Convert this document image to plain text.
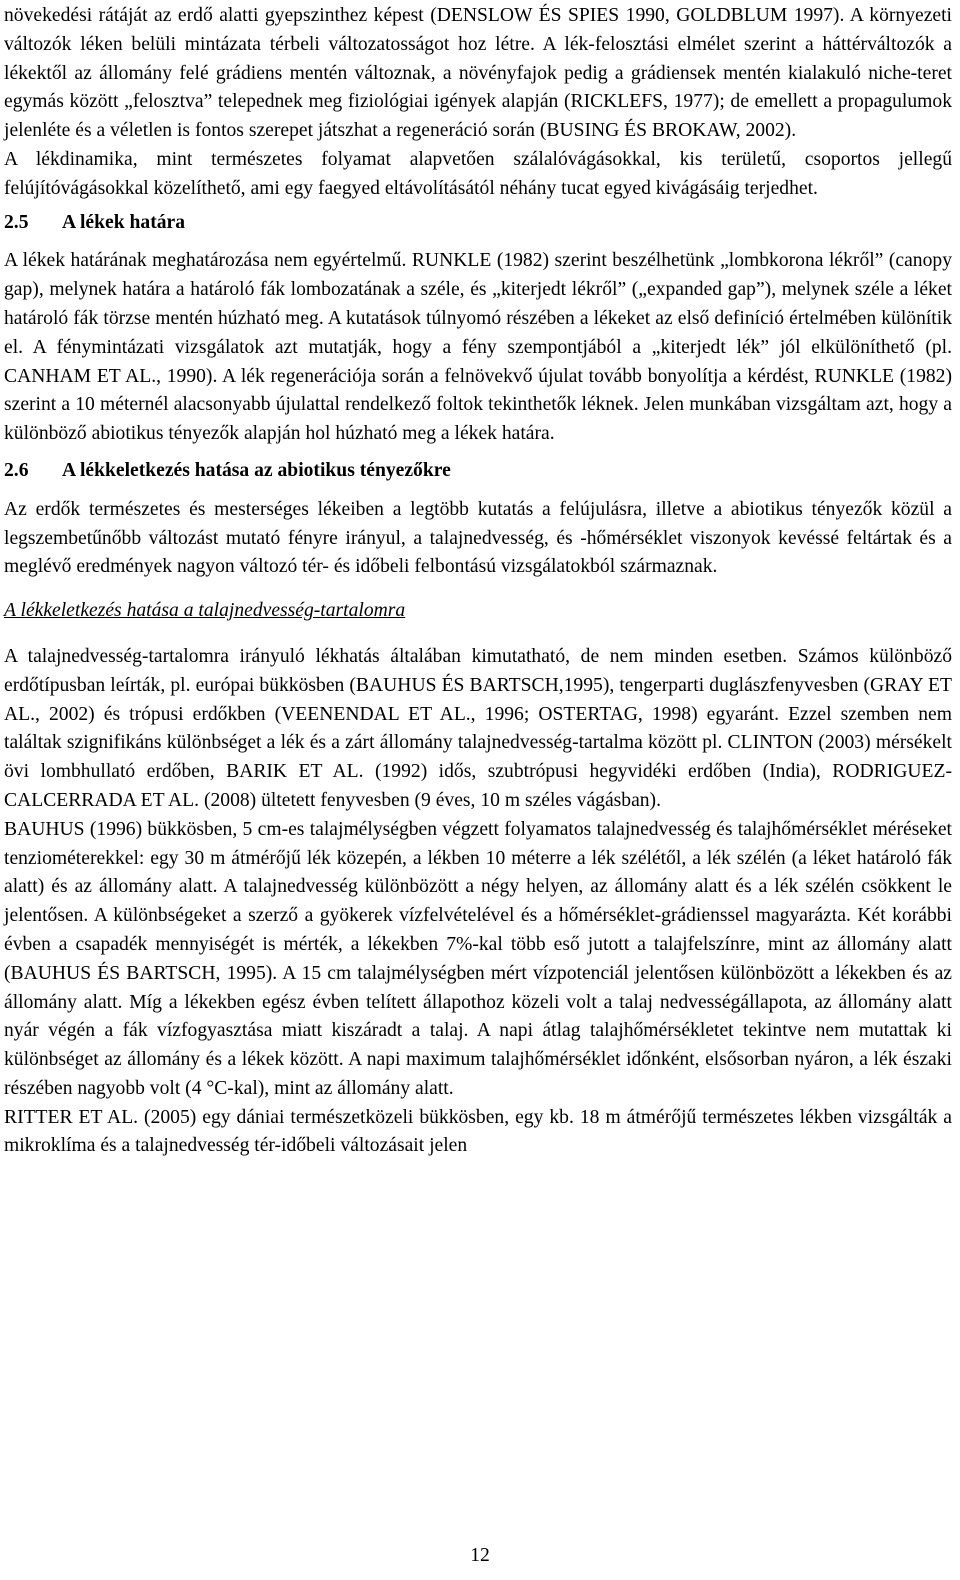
növekedési rátáját az erdő alatti gyepszinthez képest (DENSLOW ÉS SPIES 1990, GOLDBLUM 1997). A környezeti változók léken belüli mintázata térbeli változatosságot hoz létre. A lék-felosztási elmélet szerint a háttérváltozók a lékektől az állomány felé grádiens mentén változnak, a növényfajok pedig a grádiensek mentén kialakuló niche-teret egymás között „felosztva” telepednek meg fiziológiai igények alapján (RICKLEFS, 1977); de emellett a propagulumok jelenléte és a véletlen is fontos szerepet játszhat a regeneráció során (BUSING ÉS BROKAW, 2002).

A lékdinamika, mint természetes folyamat alapvetően szálalóvágásokkal, kis területű, csoportos jellegű felújítóvágásokkal közelíthető, ami egy faegyed eltávolításától néhány tucat egyed kivágásáig terjedhet.

2.5 A lékek határa

A lékek határának meghatározása nem egyértelmű. RUNKLE (1982) szerint beszélhetünk „lombkorona lékről” (canopy gap), melynek határa a határoló fák lombozatának a széle, és „kiterjedt lékről” („expanded gap”), melynek széle a léket határoló fák törzse mentén húzható meg. A kutatások túlnyomó részében a lékeket az első definíció értelmében különítik el. A fénymintázati vizsgálatok azt mutatják, hogy a fény szempontjából a „kiterjedt lék” jól elkülöníthető (pl. CANHAM ET AL., 1990). A lék regenerációja során a felnövekvő újulat tovább bonyolítja a kérdést, RUNKLE (1982) szerint a 10 méternél alacsonyabb újulattal rendelkező foltok tekinthetők léknek. Jelen munkában vizsgáltam azt, hogy a különböző abiotikus tényezők alapján hol húzható meg a lékek határa.

2.6 A lékkeletkezés hatása az abiotikus tényezőkre

Az erdők természetes és mesterséges lékeiben a legtöbb kutatás a felújulásra, illetve a abiotikus tényezők közül a legszembetűnőbb változást mutató fényre irányul, a talajnedvesség, és -hőmérséklet viszonyok kevéssé feltártak és a meglévő eredmények nagyon változó tér- és időbeli felbontású vizsgálatokból származnak.

A lékkeletkezés hatása a talajnedvesség-tartalomra

A talajnedvesség-tartalomra irányuló lékhatás általában kimutatható, de nem minden esetben. Számos különböző erdőtípusban leírták, pl. európai bükkösben (BAUHUS ÉS BARTSCH,1995), tengerparti duglászfenyvesben (GRAY ET AL., 2002) és trópusi erdőkben (VEENENDAL ET AL., 1996; OSTERTAG, 1998) egyaránt. Ezzel szemben nem találtak szignifikáns különbséget a lék és a zárt állomány talajnedvesség-tartalma között pl. CLINTON (2003) mérsékelt övi lombhullató erdőben, BARIK ET AL. (1992) idős, szubtrópusi hegyvidéki erdőben (India), RODRIGUEZ-CALCERRADA ET AL. (2008) ültetett fenyvesben (9 éves, 10 m széles vágásban).

BAUHUS (1996) bükkösben, 5 cm-es talajmélységben végzett folyamatos talajnedvesség és talajhőmérséklet méréseket tenziométerekkel: egy 30 m átmérőjű lék közepén, a lékben 10 méterre a lék szélétől, a lék szélén (a léket határoló fák alatt) és az állomány alatt. A talajnedvesség különbözött a négy helyen, az állomány alatt és a lék szélén csökkent le jelentősen. A különbségeket a szerző a gyökerek vízfelvételével és a hőmérséklet-grádienssel magyarázta. Két korábbi évben a csapadék mennyiségét is mérték, a lékekben 7%-kal több eső jutott a talajfelszínre, mint az állomány alatt (BAUHUS ÉS BARTSCH, 1995). A 15 cm talajmélységben mért vízpotenciál jelentősen különbözött a lékekben és az állomány alatt. Míg a lékekben egész évben telített állapothoz közeli volt a talaj nedvességállapota, az állomány alatt nyár végén a fák vízfogyasztása miatt kiszáradt a talaj. A napi átlag talajhőmérsékletet tekintve nem mutattak ki különbséget az állomány és a lékek között. A napi maximum talajhőmérséklet időnként, elsősorban nyáron, a lék északi részében nagyobb volt (4 °C-kal), mint az állomány alatt.

RITTER ET AL. (2005) egy dániai természetközeli bükkösben, egy kb. 18 m átmérőjű természetes lékben vizsgálták a mikroklíma és a talajnedvesség tér-időbeli változásait jelen

12
